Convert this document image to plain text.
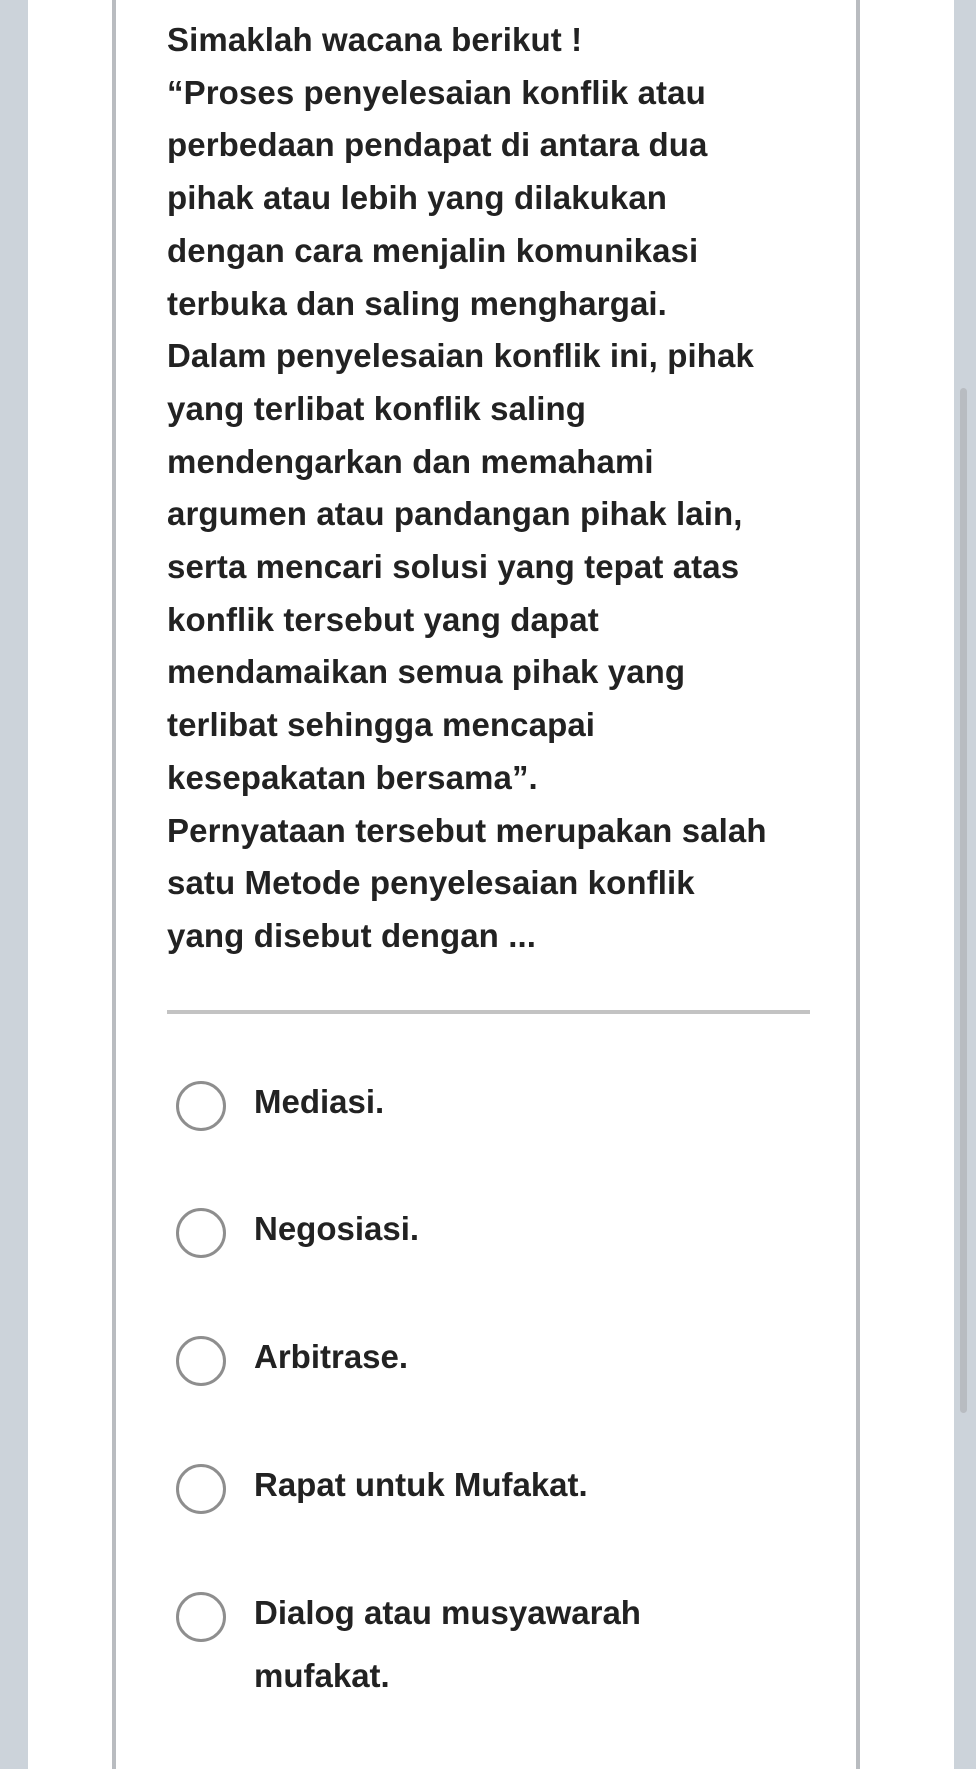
Simaklah wacana berikut !
“Proses penyelesaian konflik atau
perbedaan pendapat di antara dua
pihak atau lebih yang dilakukan
dengan cara menjalin komunikasi
terbuka dan saling menghargai.
Dalam penyelesaian konflik ini, pihak
yang terlibat konflik saling
mendengarkan dan memahami
argumen atau pandangan pihak lain,
serta mencari solusi yang tepat atas
konflik tersebut yang dapat
mendamaikan semua pihak yang
terlibat sehingga mencapai
kesepakatan bersama”.
Pernyataan tersebut merupakan salah
satu Metode penyelesaian konflik
yang disebut dengan ...
Mediasi.
Negosiasi.
Arbitrase.
Rapat untuk Mufakat.
Dialog atau musyawarah
mufakat.
